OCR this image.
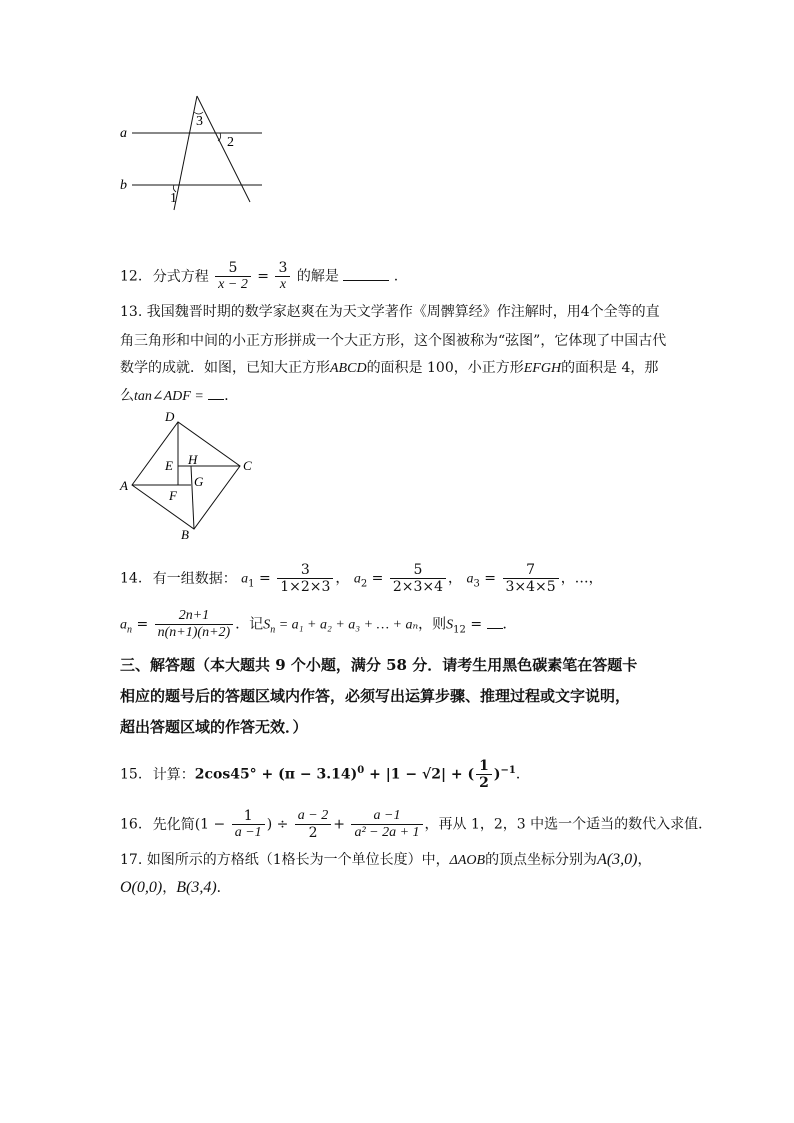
a
b
3
2
1
12. 分式方程 $\frac{5}{x - 2} = \frac{3}{x}$ 的解是	.
13. 我国魏晋时期的数学家赵爽在为天文学著作《周髀算经》作注解时，用4个全等的直
角三角形和中间的小正方形拼成一个大正方形，这个图被称为“弦图”，它体现了中国古代
数学的成就．如图，已知大正方形ABCD的面积是 100，小正方形EFGH的面积是 4，那
么tan∠ADF = ．
D
C
A
B
E H
G
F
14. 有一组数据： $a_1 = \frac{3}{1\times 2\times 3}$ ， $a_2 = \frac{5}{2\times 3\times 4}$ ， $a_3 = \frac{7}{3\times 4\times 5}$ ，…，
$a_n = \frac{2n+1}{n(n+1)(n+2)}$ ．记$S_n = a_1 + a_2 + a_3$ + … + aₙ，则$S_{12}$ = ．
三、解答题（本大题共 9 个小题，满分 58 分．请考生用黑色碳素笔在答题卡
相应的题号后的答题区域内作答，必须写出运算步骤、推理过程或文字说明，
超出答题区域的作答无效．）
15. 计算：$2\cos 45^\circ + (\pi - 3.14)^0 + |1 - √2|$ + ( $\frac{1}{2} )^{-1}$．
16. 先化简($1 - \frac{1}{a -1}$ ) ÷ $\frac{a - 2}{2} + \frac{a -1}{\text{a² − 2a + 1}}$ ，再从 1，2，3 中选一个适当的数代入求值．
17. 如图所示的方格纸（1格长为一个单位长度）中，ΔAOB的顶点坐标分别为A(3,0)，
O(0,0)，B(3,4)．
